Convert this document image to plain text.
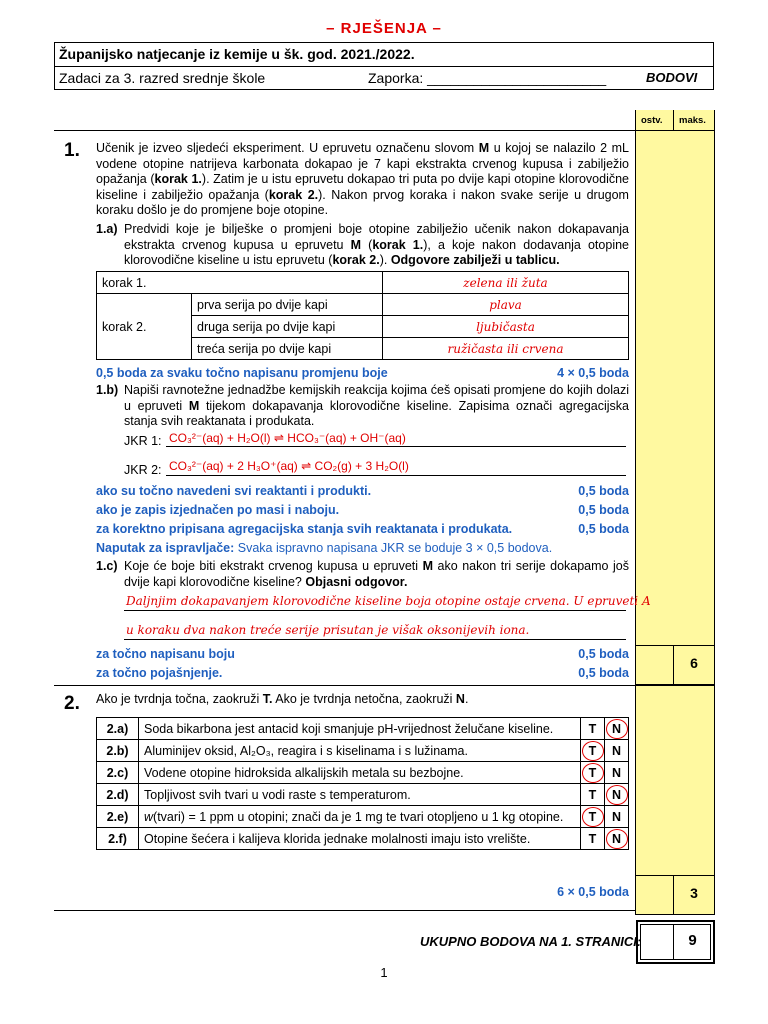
ostv. maks.
– RJEŠENJA –
Županijsko natjecanje iz kemije u šk. god. 2021./2022.
Zadaci za 3. razred srednje škole	Zaporka: _______________________	BODOVI
1. Učenik je izveo sljedeći eksperiment. U epruvetu označenu slovom M u kojoj se nalazilo 2 mL vodene otopine natrijeva karbonata dokapao je 7 kapi ekstrakta crvenog kupusa i zabilježio opažanja (korak 1.). Zatim je u istu epruvetu dokapao tri puta po dvije kapi otopine klorovodične kiseline i zabilježio opažanja (korak 2.). Nakon prvog koraka i nakon svake serije u drugom koraku došlo je do promjene boje otopine.
1.a) Predvidi koje je bilješke o promjeni boje otopine zabilježio učenik nakon dokapavanja ekstrakta crvenog kupusa u epruvetu M (korak 1.), a koje nakon dodavanja otopine klorovodične kiseline u istu epruvetu (korak 2.). Odgovore zabilježi u tablicu.
korak 1.		zelena ili žuta
korak 2.	prva serija po dvije kapi	plava
	druga serija po dvije kapi	ljubičasta
	treća serija po dvije kapi	ružičasta ili crvena
0,5 boda za svaku točno napisanu promjenu boje	4 × 0,5 boda
1.b) Napiši ravnotežne jednadžbe kemijskih reakcija kojima ćeš opisati promjene do kojih dolazi u epruveti M tijekom dokapavanja klorovodične kiseline. Zapisima označi agregacijska stanja svih reaktanata i produkata.
JKR 1: CO₃²⁻(aq) + H₂O(l) ⇌ HCO₃⁻(aq) + OH⁻(aq)
JKR 2: CO₃²⁻(aq) + 2 H₃O⁺(aq) ⇌ CO₂(g) + 3 H₂O(l)
ako su točno navedeni svi reaktanti i produkti.	0,5 boda
ako je zapis izjednačen po masi i naboju.	0,5 boda
za korektno pripisana agregacijska stanja svih reaktanata i produkata.	0,5 boda
Naputak za ispravljače: Svaka ispravno napisana JKR se boduje 3 × 0,5 bodova.
1.c) Koje će boje biti ekstrakt crvenog kupusa u epruveti M ako nakon tri serije dokapamo još dvije kapi klorovodične kiseline? Objasni odgovor.
Daljnjim dokapavanjem klorovodične kiseline boja otopine ostaje crvena. U epruveti A
u koraku dva nakon treće serije prisutan je višak oksonijevih iona.
za točno napisanu boju	0,5 boda
za točno pojašnjenje.	0,5 boda
6
2. Ako je tvrdnja točna, zaokruži T. Ako je tvrdnja netočna, zaokruži N.
2.a)	Soda bikarbona jest antacid koji smanjuje pH-vrijednost želučane kiseline.	T	N
2.b)	Aluminijev oksid, Al₂O₃, reagira i s kiselinama i s lužinama.	T	N
2.c)	Vodene otopine hidroksida alkalijskih metala su bezbojne.	T	N
2.d)	Topljivost svih tvari u vodi raste s temperaturom.	T	N
2.e)	w(tvari) = 1 ppm u otopini; znači da je 1 mg te tvari otopljeno u 1 kg otopine.	T	N
2.f)	Otopine šećera i kalijeva klorida jednake molalnosti imaju isto vrelište.	T	N
6 × 0,5 boda	3
UKUPNO BODOVA NA 1. STRANICI:	9
1
